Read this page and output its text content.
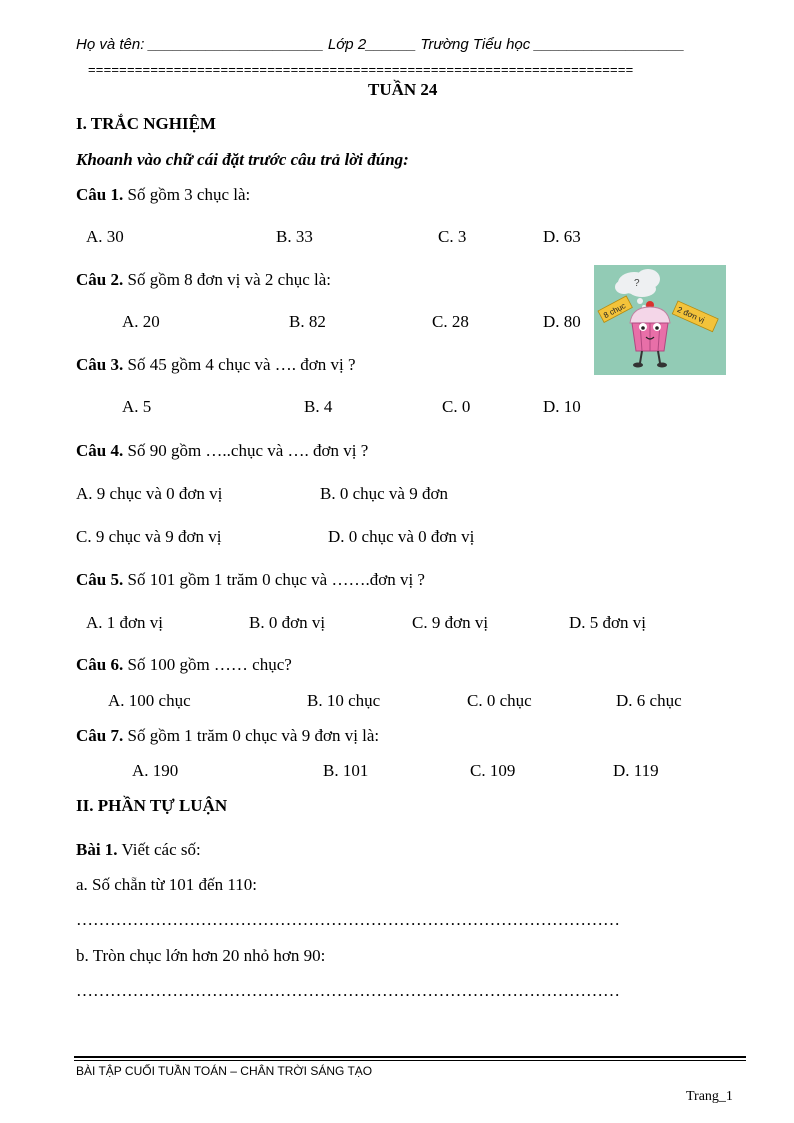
Họ và tên: _____________________ Lớp 2______ Trường Tiểu học __________________
======================================================================
TUẦN 24
I. TRẮC NGHIỆM
Khoanh vào chữ cái đặt trước câu trả lời đúng:
Câu 1. Số gồm 3 chục là:
A. 30	B. 33	C. 3	D. 63
Câu 2. Số gồm 8 đơn vị và 2 chục là:
A. 20	B. 82	C. 28	D. 80
?
8 chục	2 đơn vị
Câu 3. Số 45 gồm 4 chục và …. đơn vị ?
A. 5	B. 4	C. 0	D. 10
Câu 4. Số 90 gồm …..chục và …. đơn vị ?
A. 9 chục và 0 đơn vị	B. 0 chục và 9 đơn
C. 9 chục và 9 đơn vị	D. 0 chục và 0 đơn vị
Câu 5. Số 101 gồm 1 trăm 0 chục và …….đơn vị ?
A. 1 đơn vị	B. 0 đơn vị	C. 9 đơn vị	D. 5 đơn vị
Câu 6. Số 100 gồm …… chục?
A. 100 chục	B. 10 chục	C. 0 chục	D. 6 chục
Câu 7. Số gồm 1 trăm 0 chục và 9 đơn vị là:
A. 190	B. 101	C. 109	D. 119
II. PHẦN TỰ LUẬN
Bài 1. Viết các số:
a. Số chẵn từ 101 đến 110:
……………………………………………………………………………………
b. Tròn chục lớn hơn 20 nhỏ hơn 90:
……………………………………………………………………………………
BÀI TẬP CUỐI TUẦN TOÁN – CHÂN TRỜI SÁNG TẠO
Trang_1
